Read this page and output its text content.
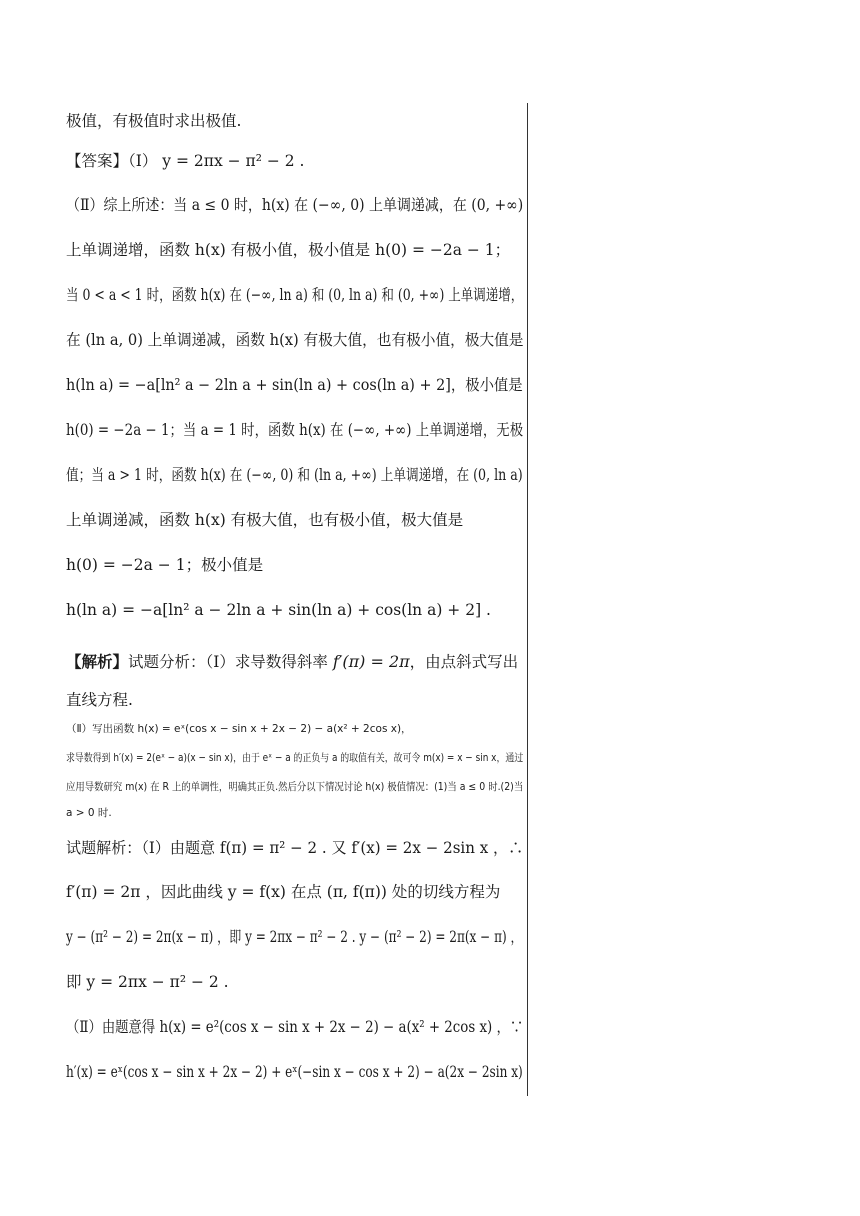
极值，有极值时求出极值.
【答案】（Ⅰ） y = 2πx − π² − 2 .
（Ⅱ）综上所述：当 a ≤ 0 时，h(x) 在 (−∞, 0) 上单调递减，在 (0, +∞)
上单调递增，函数 h(x) 有极小值，极小值是 h(0) = −2a − 1；
当 0 < a < 1 时，函数 h(x) 在 (−∞, ln a) 和 (0, ln a) 和 (0, +∞) 上单调递增，
在 (ln a, 0) 上单调递减，函数 h(x) 有极大值，也有极小值，极大值是
h(ln a) = −a[ln² a − 2ln a + sin(ln a) + cos(ln a) + 2]，极小值是
h(0) = −2a − 1；当 a = 1 时，函数 h(x) 在 (−∞, +∞) 上单调递增，无极
值；当 a > 1 时，函数 h(x) 在 (−∞, 0) 和 (ln a, +∞) 上单调递增，在 (0, ln a)
上单调递减，函数 h(x) 有极大值，也有极小值，极大值是
h(0) = −2a − 1；极小值是
h(ln a) = −a[ln² a − 2ln a + sin(ln a) + cos(ln a) + 2] .
【解析】试题分析：（Ⅰ）求导数得斜率 f′(π) = 2π，由点斜式写出
直线方程.
（Ⅱ）写出函数 h(x) = eˣ(cos x − sin x + 2x − 2) − a(x² + 2cos x)，
求导数得到 h′(x) = 2(eˣ − a)(x − sin x)，由于 eˣ − a 的正负与 a 的取值有关，故可令 m(x) = x − sin x，通过
应用导数研究 m(x) 在 R 上的单调性，明确其正负.然后分以下情况讨论 h(x) 极值情况：(1)当 a ≤ 0 时.(2)当
a > 0 时.
试题解析：（Ⅰ）由题意 f(π) = π² − 2 . 又 f′(x) = 2x − 2sin x ，∴
f′(π) = 2π ，因此曲线 y = f(x) 在点 (π, f(π)) 处的切线方程为
y − (π² − 2) = 2π(x − π) ，即 y = 2πx − π² − 2 . y − (π² − 2) = 2π(x − π) ，
即 y = 2πx − π² − 2 .
（Ⅱ）由题意得 h(x) = e²(cos x − sin x + 2x − 2) − a(x² + 2cos x) ，∵
h′(x) = eˣ(cos x − sin x + 2x − 2) + eˣ(−sin x − cos x + 2) − a(2x − 2sin x)
